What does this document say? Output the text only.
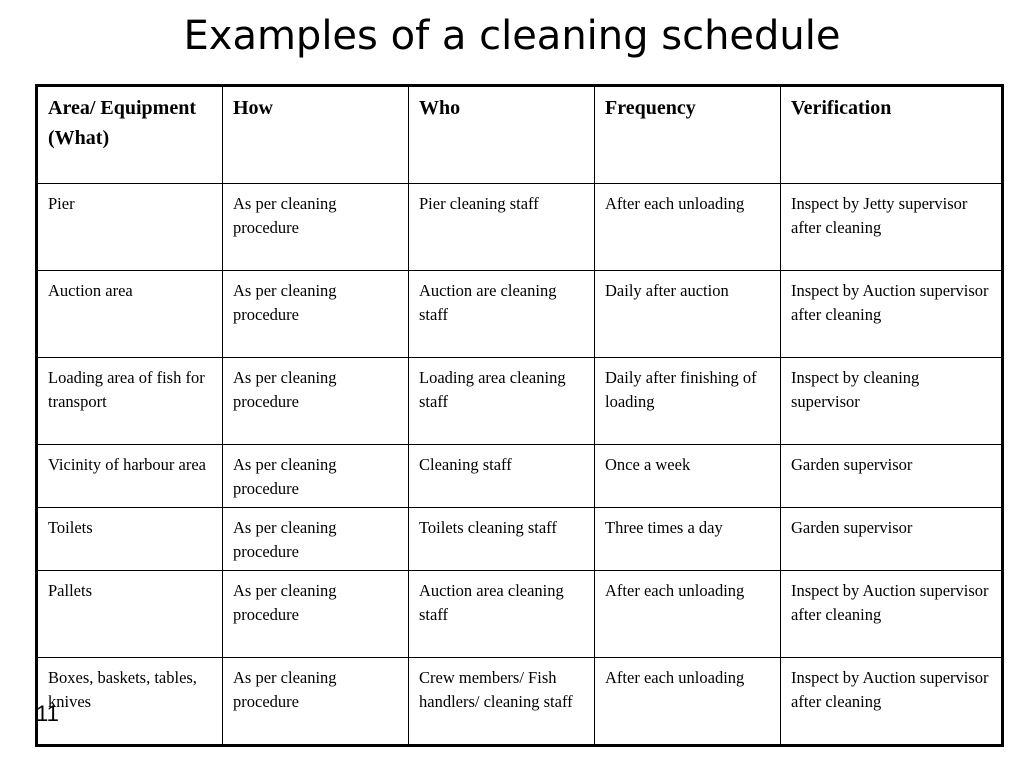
Examples of a cleaning schedule
Area/ Equipment (What)	How	Who	Frequency	Verification
Pier	As per cleaning procedure	Pier cleaning staff	After each unloading	Inspect by Jetty supervisor after cleaning
Auction area	As per cleaning procedure	Auction are cleaning staff	Daily after auction	Inspect by Auction supervisor after cleaning
Loading area of fish for transport	As per cleaning procedure	Loading area cleaning staff	Daily after finishing of loading	Inspect by cleaning supervisor
Vicinity of harbour area	As per cleaning procedure	Cleaning staff	Once a week	Garden supervisor
Toilets	As per cleaning procedure	Toilets cleaning staff	Three times a day	Garden supervisor
Pallets	As per cleaning procedure	Auction area cleaning staff	After each unloading	Inspect by Auction supervisor after cleaning
Boxes, baskets, tables, knives	As per cleaning procedure	Crew members/ Fish handlers/ cleaning staff	After each unloading	Inspect by Auction supervisor after cleaning
11
